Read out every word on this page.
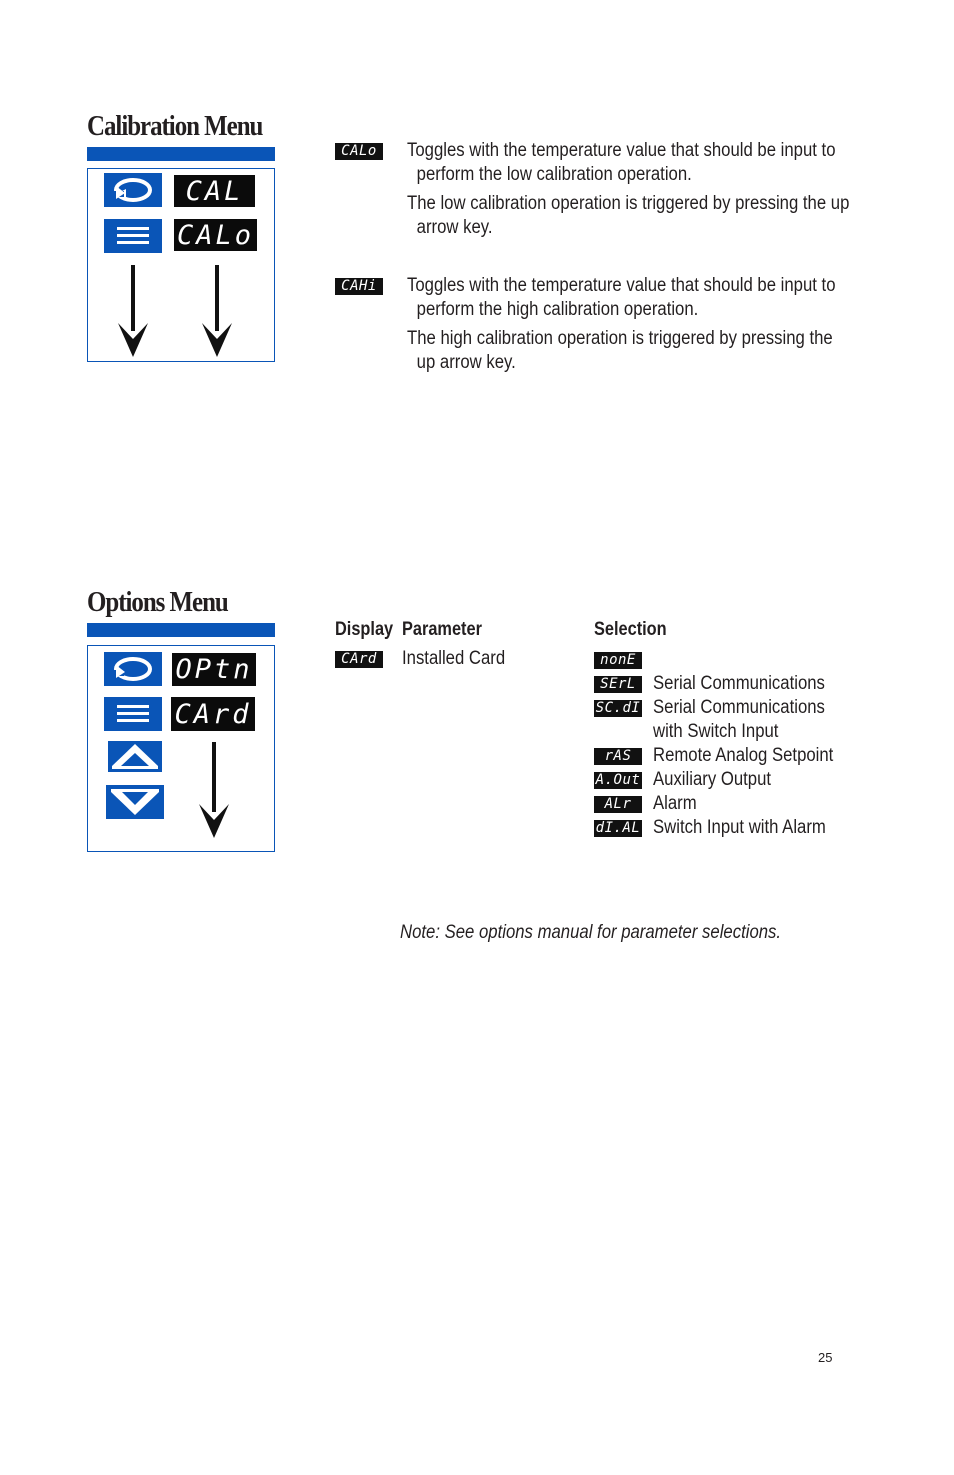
Calibration Menu
CAL
CALo
CALo	Toggles with the temperature value that should be input to
perform the low calibration operation.

The low calibration operation is triggered by pressing the up
arrow key.

CAHi	Toggles with the temperature value that should be input to
perform the high calibration operation.

The high calibration operation is triggered by pressing the
up arrow key.

Options Menu
OPtn
CArd
Display Parameter	Selection
CArd	Installed Card	nonE
SErL Serial Communications
SC.dI Serial Communications
with Switch Input
rAS	Remote Analog Setpoint
A.Out Auxiliary Output
ALr	Alarm
dI.AL Switch Input with Alarm
Note: See options manual for parameter selections.
25
